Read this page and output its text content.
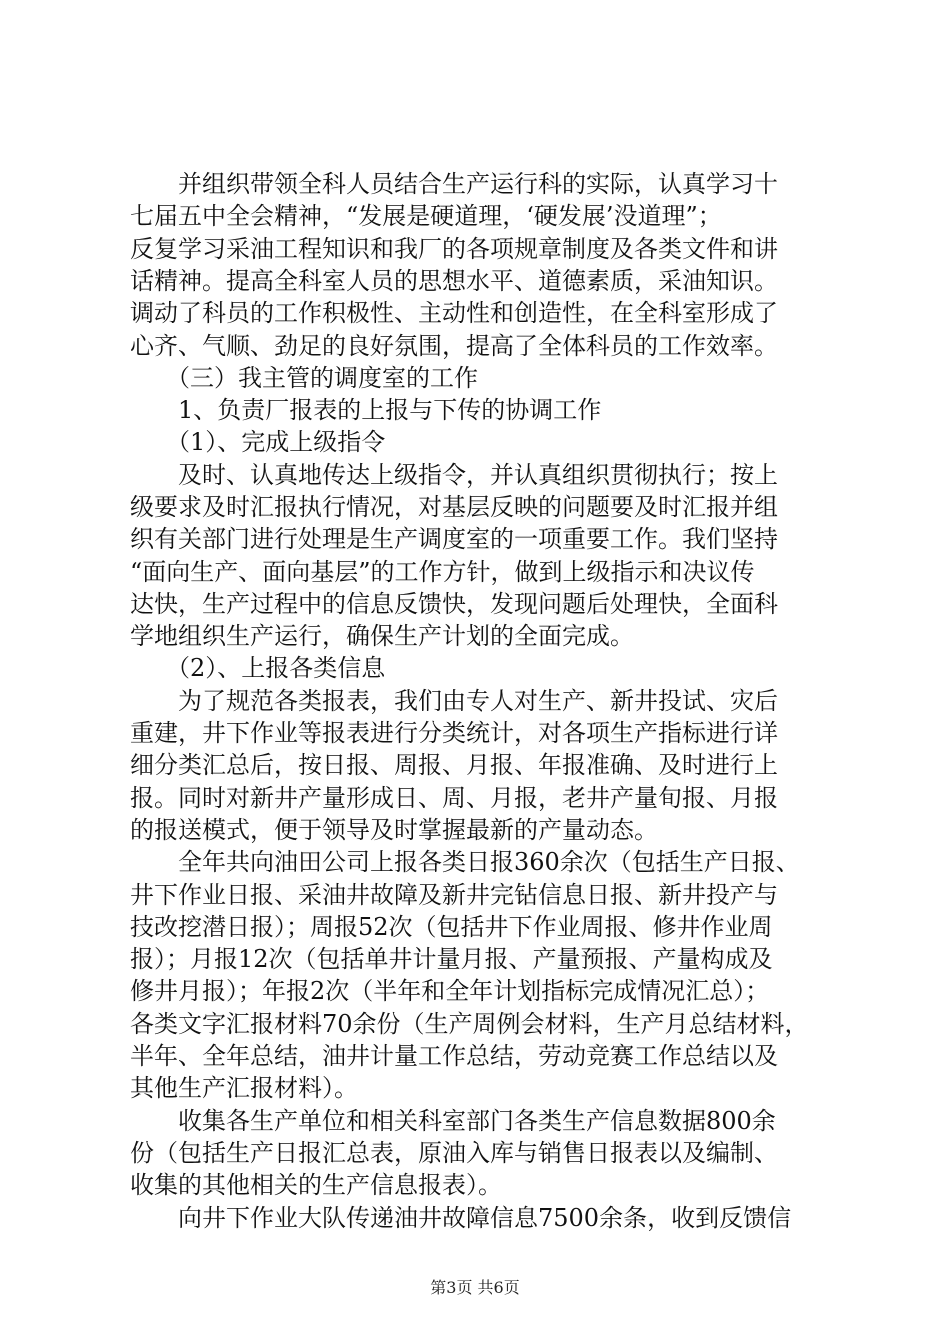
　　并组织带领全科人员结合生产运行科的实际，认真学习十
七届五中全会精神，“发展是硬道理，‘硬发展’没道理”；
反复学习采油工程知识和我厂的各项规章制度及各类文件和讲
话精神。提高全科室人员的思想水平、道德素质，采油知识。
调动了科员的工作积极性、主动性和创造性，在全科室形成了
心齐、气顺、劲足的良好氛围，提高了全体科员的工作效率。
　　（三）我主管的调度室的工作
　　1、负责厂报表的上报与下传的协调工作
　　（1）、完成上级指令
　　及时、认真地传达上级指令，并认真组织贯彻执行；按上
级要求及时汇报执行情况，对基层反映的问题要及时汇报并组
织有关部门进行处理是生产调度室的一项重要工作。我们坚持
“面向生产、面向基层”的工作方针，做到上级指示和决议传
达快，生产过程中的信息反馈快，发现问题后处理快，全面科
学地组织生产运行，确保生产计划的全面完成。
　　（2）、上报各类信息
　　为了规范各类报表，我们由专人对生产、新井投试、灾后
重建，井下作业等报表进行分类统计，对各项生产指标进行详
细分类汇总后，按日报、周报、月报、年报准确、及时进行上
报。同时对新井产量形成日、周、月报，老井产量旬报、月报
的报送模式，便于领导及时掌握最新的产量动态。
　　全年共向油田公司上报各类日报360余次（包括生产日报、
井下作业日报、采油井故障及新井完钻信息日报、新井投产与
技改挖潜日报）；周报52次（包括井下作业周报、修井作业周
报）；月报12次（包括单井计量月报、产量预报、产量构成及
修井月报）；年报2次（半年和全年计划指标完成情况汇总）；
各类文字汇报材料70余份（生产周例会材料，生产月总结材料，
半年、全年总结，油井计量工作总结，劳动竞赛工作总结以及
其他生产汇报材料）。
　　收集各生产单位和相关科室部门各类生产信息数据800余
份（包括生产日报汇总表，原油入库与销售日报表以及编制、
收集的其他相关的生产信息报表）。
　　向井下作业大队传递油井故障信息7500余条，收到反馈信
第3页 共6页
